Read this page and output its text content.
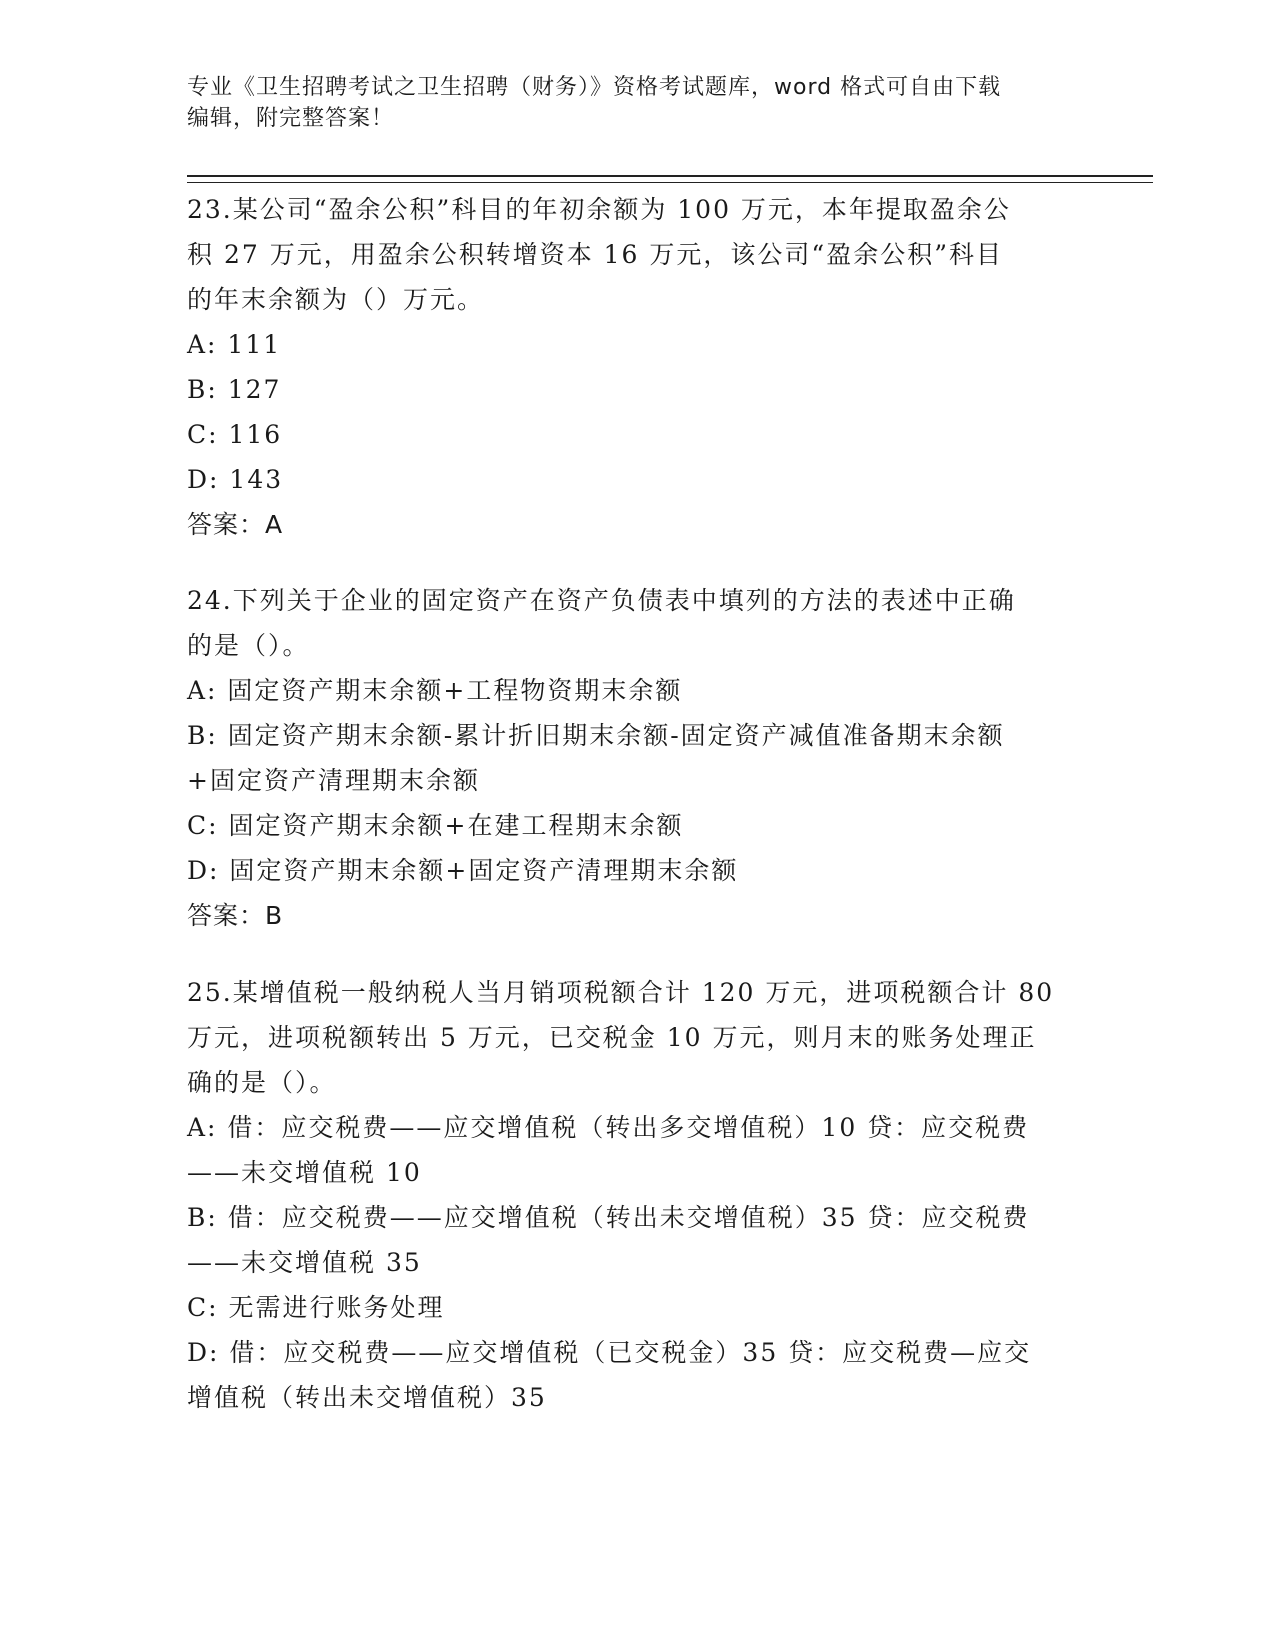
专业《卫生招聘考试之卫生招聘（财务）》资格考试题库，word 格式可自由下载
编辑，附完整答案！
23.某公司“盈余公积”科目的年初余额为 100 万元，本年提取盈余公
积 27 万元，用盈余公积转增资本 16 万元，该公司“盈余公积”科目
的年末余额为（）万元。
A: 111
B: 127
C: 116
D: 143
答案：A
24.下列关于企业的固定资产在资产负债表中填列的方法的表述中正确
的是（）。
A: 固定资产期末余额+工程物资期末余额
B: 固定资产期末余额-累计折旧期末余额-固定资产减值准备期末余额
+固定资产清理期末余额
C: 固定资产期末余额+在建工程期末余额
D: 固定资产期末余额+固定资产清理期末余额
答案：B
25.某增值税一般纳税人当月销项税额合计 120 万元，进项税额合计 80
万元，进项税额转出 5 万元，已交税金 10 万元，则月末的账务处理正
确的是（）。
A: 借：应交税费——应交增值税（转出多交增值税）10 贷：应交税费
——未交增值税 10
B: 借：应交税费——应交增值税（转出未交增值税）35 贷：应交税费
——未交增值税 35
C: 无需进行账务处理
D: 借：应交税费——应交增值税（已交税金）35 贷：应交税费—应交
增值税（转出未交增值税）35
